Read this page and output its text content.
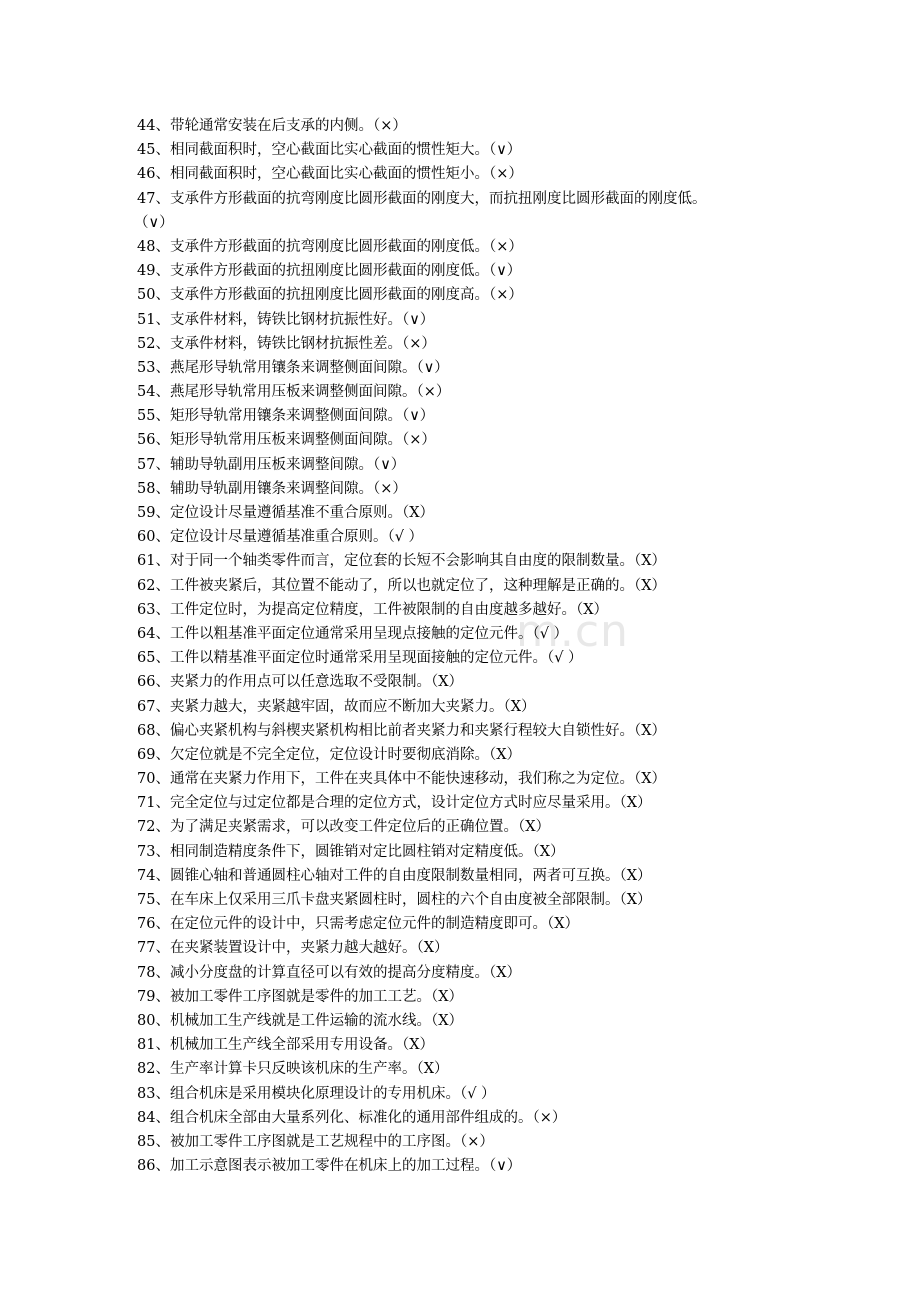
m.cn
44、带轮通常安装在后支承的内侧。（×）
45、相同截面积时，空心截面比实心截面的惯性矩大。（∨）
46、相同截面积时，空心截面比实心截面的惯性矩小。（×）
47、支承件方形截面的抗弯刚度比圆形截面的刚度大，而抗扭刚度比圆形截面的刚度低。
（∨）
48、支承件方形截面的抗弯刚度比圆形截面的刚度低。（×）
49、支承件方形截面的抗扭刚度比圆形截面的刚度低。（∨）
50、支承件方形截面的抗扭刚度比圆形截面的刚度高。（×）
51、支承件材料，铸铁比钢材抗振性好。（∨）
52、支承件材料，铸铁比钢材抗振性差。（×）
53、燕尾形导轨常用镶条来调整侧面间隙。（∨）
54、燕尾形导轨常用压板来调整侧面间隙。（×）
55、矩形导轨常用镶条来调整侧面间隙。（∨）
56、矩形导轨常用压板来调整侧面间隙。（×）
57、辅助导轨副用压板来调整间隙。（∨）
58、辅助导轨副用镶条来调整间隙。（×）
59、定位设计尽量遵循基准不重合原则。（X）
60、定位设计尽量遵循基准重合原则。（√ ）
61、对于同一个轴类零件而言，定位套的长短不会影响其自由度的限制数量。（X）
62、工件被夹紧后，其位置不能动了，所以也就定位了，这种理解是正确的。（X）
63、工件定位时，为提高定位精度，工件被限制的自由度越多越好。（X）
64、工件以粗基准平面定位通常采用呈现点接触的定位元件。（√ ）
65、工件以精基准平面定位时通常采用呈现面接触的定位元件。（√ ）
66、夹紧力的作用点可以任意选取不受限制。（X）
67、夹紧力越大，夹紧越牢固，故而应不断加大夹紧力。（X）
68、偏心夹紧机构与斜楔夹紧机构相比前者夹紧力和夹紧行程较大自锁性好。（X）
69、欠定位就是不完全定位，定位设计时要彻底消除。（X）
70、通常在夹紧力作用下，工件在夹具体中不能快速移动，我们称之为定位。（X）
71、完全定位与过定位都是合理的定位方式，设计定位方式时应尽量采用。（X）
72、为了满足夹紧需求，可以改变工件定位后的正确位置。（X）
73、相同制造精度条件下，圆锥销对定比圆柱销对定精度低。（X）
74、圆锥心轴和普通圆柱心轴对工件的自由度限制数量相同，两者可互换。（X）
75、在车床上仅采用三爪卡盘夹紧圆柱时，圆柱的六个自由度被全部限制。（X）
76、在定位元件的设计中，只需考虑定位元件的制造精度即可。（X）
77、在夹紧装置设计中，夹紧力越大越好。（X）
78、减小分度盘的计算直径可以有效的提高分度精度。（X）
79、被加工零件工序图就是零件的加工工艺。（X）
80、机械加工生产线就是工件运输的流水线。（X）
81、机械加工生产线全部采用专用设备。（X）
82、生产率计算卡只反映该机床的生产率。（X）
83、组合机床是采用模块化原理设计的专用机床。（√ ）
84、组合机床全部由大量系列化、标准化的通用部件组成的。（×）
85、被加工零件工序图就是工艺规程中的工序图。（×）
86、加工示意图表示被加工零件在机床上的加工过程。（∨）
